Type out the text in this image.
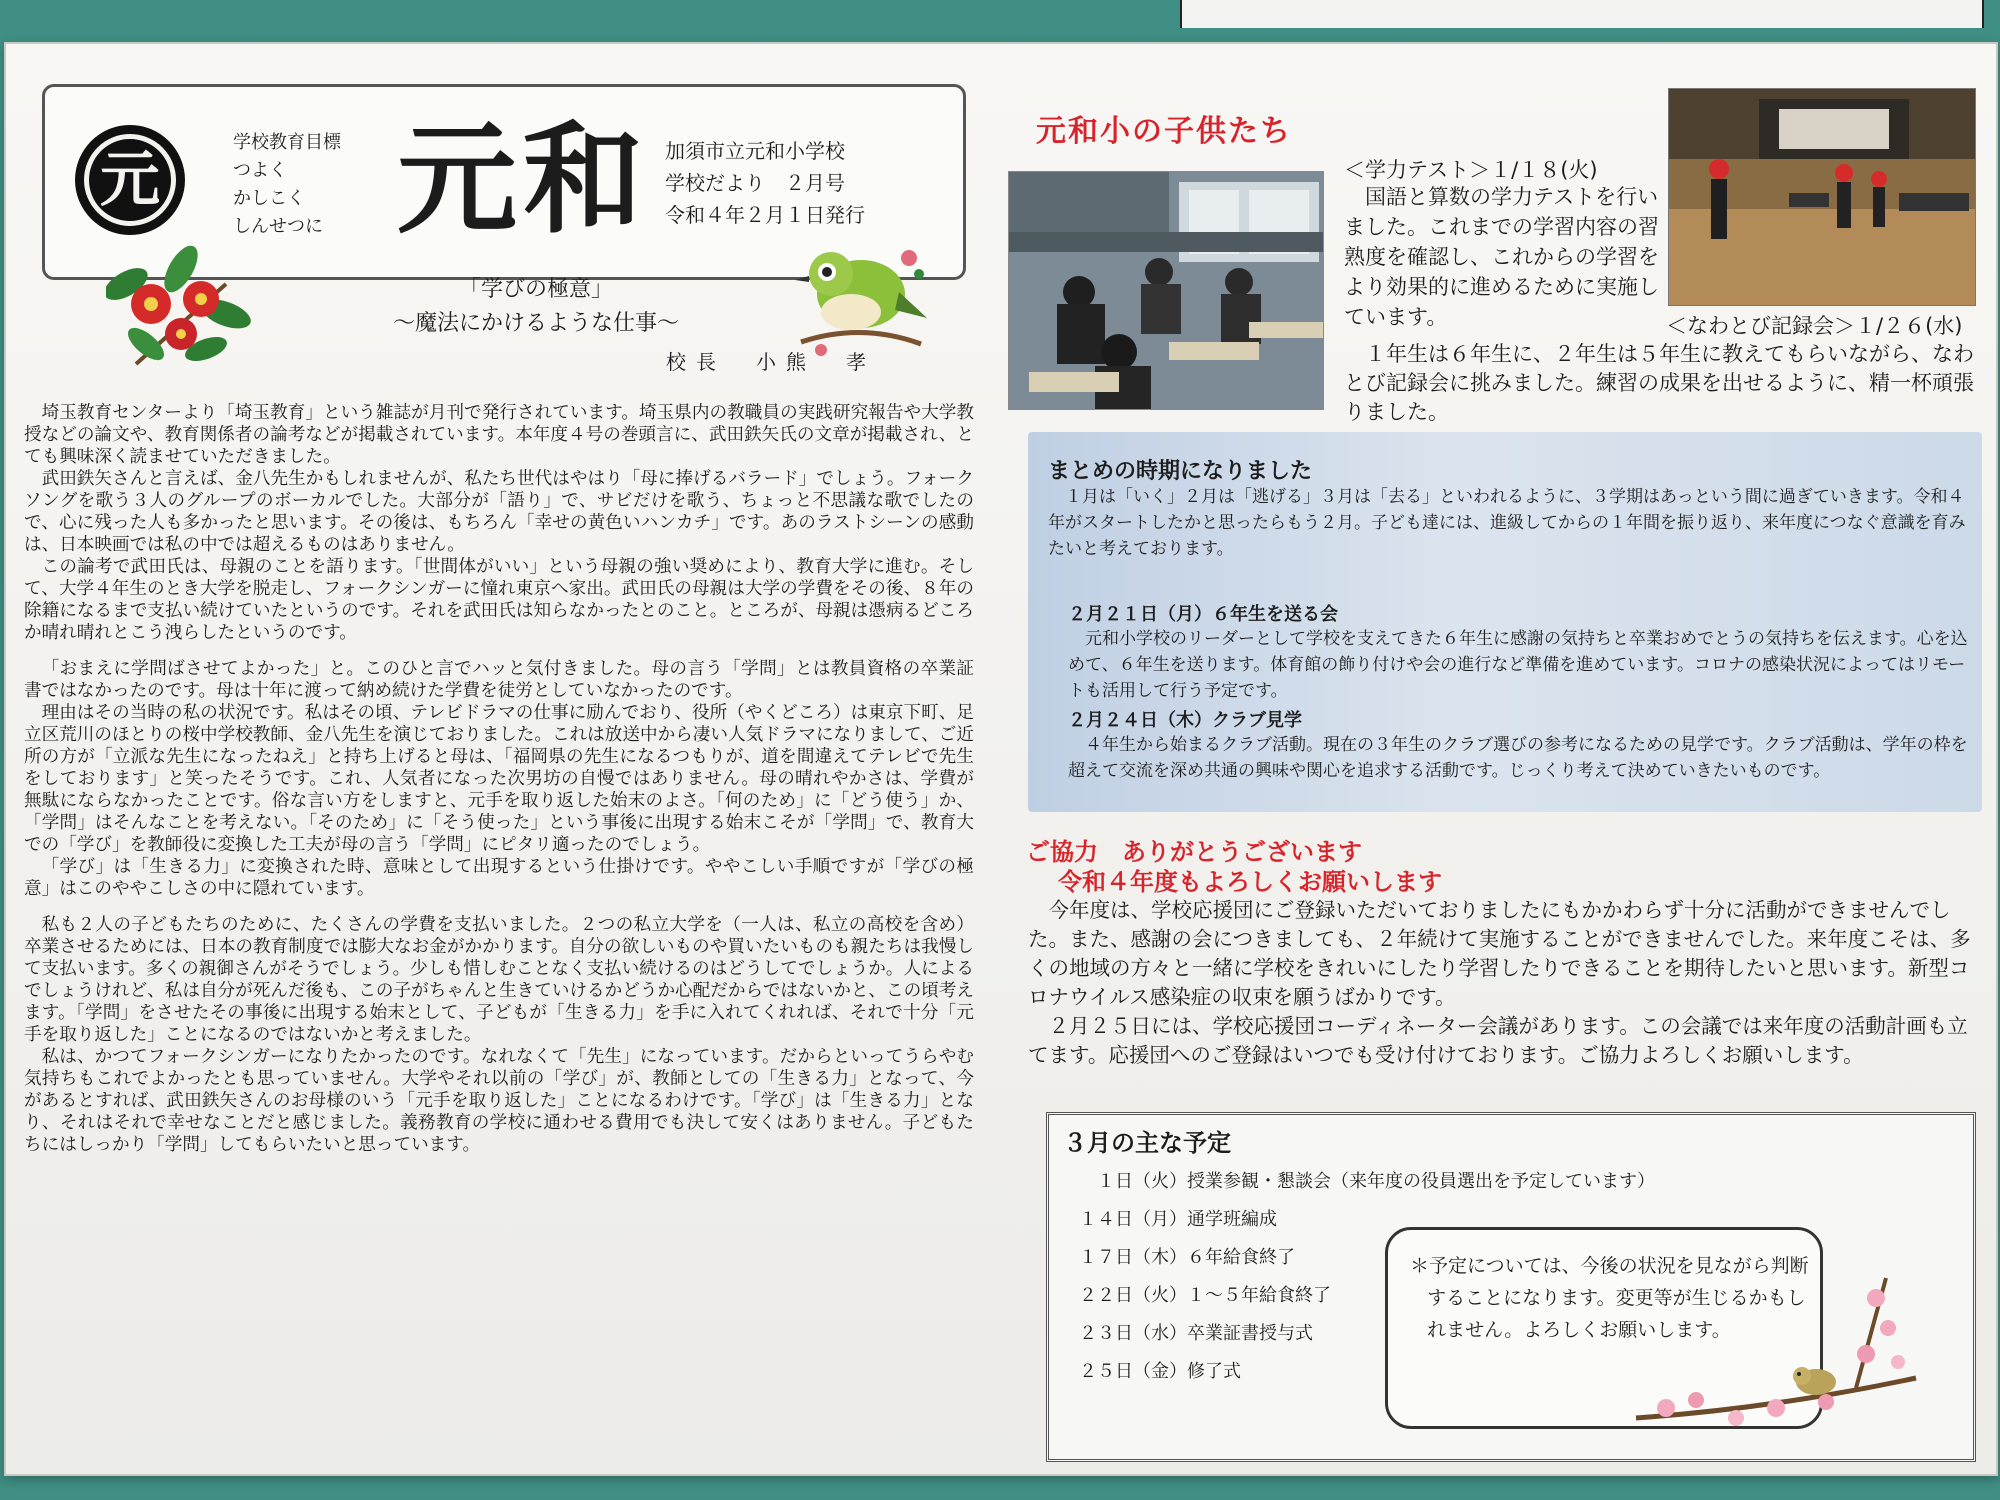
元
学校教育目標
つよく
かしこく
しんせつに 元和 加須市立元和小学校
学校だより　２月号
令和４年２月１日発行
「学びの極意」
～魔法にかけるような仕事～
校長　小熊　孝

埼玉教育センターより「埼玉教育」という雑誌が月刊で発行されています。埼玉県内の教職員の実践研究報告や大学教授などの論文や、教育関係者の論考などが掲載されています。本年度４号の巻頭言に、武田鉄矢氏の文章が掲載され、とても興味深く読ませていただきました。

武田鉄矢さんと言えば、金八先生かもしれませんが、私たち世代はやはり「母に捧げるバラード」でしょう。フォークソングを歌う３人のグループのボーカルでした。大部分が「語り」で、サビだけを歌う、ちょっと不思議な歌でしたので、心に残った人も多かったと思います。その後は、もちろん「幸せの黄色いハンカチ」です。あのラストシーンの感動は、日本映画では私の中では超えるものはありません。

この論考で武田氏は、母親のことを語ります。「世間体がいい」という母親の強い奨めにより、教育大学に進む。そして、大学４年生のとき大学を脱走し、フォークシンガーに憧れ東京へ家出。武田氏の母親は大学の学費をその後、８年の除籍になるまで支払い続けていたというのです。それを武田氏は知らなかったとのこと。ところが、母親は憑病るどころか晴れ晴れとこう洩らしたというのです。

「おまえに学問ばさせてよかった」と。このひと言でハッと気付きました。母の言う「学問」とは教員資格の卒業証書ではなかったのです。母は十年に渡って納め続けた学費を徒労としていなかったのです。

理由はその当時の私の状況です。私はその頃、テレビドラマの仕事に励んでおり、役所（やくどころ）は東京下町、足立区荒川のほとりの桜中学校教師、金八先生を演じておりました。これは放送中から凄い人気ドラマになりまして、ご近所の方が「立派な先生になったねえ」と持ち上げると母は、「福岡県の先生になるつもりが、道を間違えてテレビで先生をしております」と笑ったそうです。これ、人気者になった次男坊の自慢ではありません。母の晴れやかさは、学費が無駄にならなかったことです。俗な言い方をしますと、元手を取り返した始末のよさ。「何のため」に「どう使う」か、「学問」はそんなことを考えない。「そのため」に「そう使った」という事後に出現する始末こそが「学問」で、教育大での「学び」を教師役に変換した工夫が母の言う「学問」にピタリ適ったのでしょう。

「学び」は「生きる力」に変換された時、意味として出現するという仕掛けです。ややこしい手順ですが「学びの極意」はこのややこしさの中に隠れています。

私も２人の子どもたちのために、たくさんの学費を支払いました。２つの私立大学を（一人は、私立の高校を含め）卒業させるためには、日本の教育制度では膨大なお金がかかります。自分の欲しいものや買いたいものも親たちは我慢して支払います。多くの親御さんがそうでしょう。少しも惜しむことなく支払い続けるのはどうしてでしょうか。人によるでしょうけれど、私は自分が死んだ後も、この子がちゃんと生きていけるかどうか心配だからではないかと、この頃考えます。「学問」をさせたその事後に出現する始末として、子どもが「生きる力」を手に入れてくれれば、それで十分「元手を取り返した」ことになるのではないかと考えました。

私は、かつてフォークシンガーになりたかったのです。なれなくて「先生」になっています。だからといってうらやむ気持ちもこれでよかったとも思っていません。大学やそれ以前の「学び」が、教師としての「生きる力」となって、今があるとすれば、武田鉄矢さんのお母様のいう「元手を取り返した」ことになるわけです。「学び」は「生きる力」となり、それはそれで幸せなことだと感じました。義務教育の学校に通わせる費用でも決して安くはありません。子どもたちにはしっかり「学問」してもらいたいと思っています。

元和小の子供たち
＜学力テスト＞１/１８(火)
　国語と算数の学力テストを行いました。これまでの学習内容の習熟度を確認し、これからの学習をより効果的に進めるために実施しています。	＜なわとび記録会＞１/２６(水)
１年生は６年生に、２年生は５年生に教えてもらいながら、なわとび記録会に挑みました。練習の成果を出せるように、精一杯頑張りました。
まとめの時期になりました
１月は「いく」２月は「逃げる」３月は「去る」といわれるように、３学期はあっという間に過ぎていきます。令和４年がスタートしたかと思ったらもう２月。子ども達には、進級してからの１年間を振り返り、来年度につなぐ意識を育みたいと考えております。
２月２１日（月）６年生を送る会
元和小学校のリーダーとして学校を支えてきた６年生に感謝の気持ちと卒業おめでとうの気持ちを伝えます。心を込めて、６年生を送ります。体育館の飾り付けや会の進行など準備を進めています。コロナの感染状況によってはリモートも活用して行う予定です。
２月２４日（木）クラブ見学
４年生から始まるクラブ活動。現在の３年生のクラブ選びの参考になるための見学です。クラブ活動は、学年の枠を超えて交流を深め共通の興味や関心を追求する活動です。じっくり考えて決めていきたいものです。
ご協力　ありがとうございます
令和４年度もよろしくお願いします

今年度は、学校応援団にご登録いただいておりましたにもかかわらず十分に活動ができませんでした。また、感謝の会につきましても、２年続けて実施することができませんでした。来年度こそは、多くの地域の方々と一緒に学校をきれいにしたり学習したりできることを期待したいと思います。新型コロナウイルス感染症の収束を願うばかりです。

２月２５日には、学校応援団コーディネーター会議があります。この会議では来年度の活動計画も立てます。応援団へのご登録はいつでも受け付けております。ご協力よろしくお願いします。

３月の主な予定
　１日（火）授業参観・懇談会（来年度の役員選出を予定しています）
１４日（月）通学班編成
１７日（木）６年給食終了
２２日（火）１～５年給食終了
２３日（水）卒業証書授与式
２５日（金）修了式
＊予定については、今後の状況を見ながら判断することになります。変更等が生じるかもしれません。よろしくお願いします。
